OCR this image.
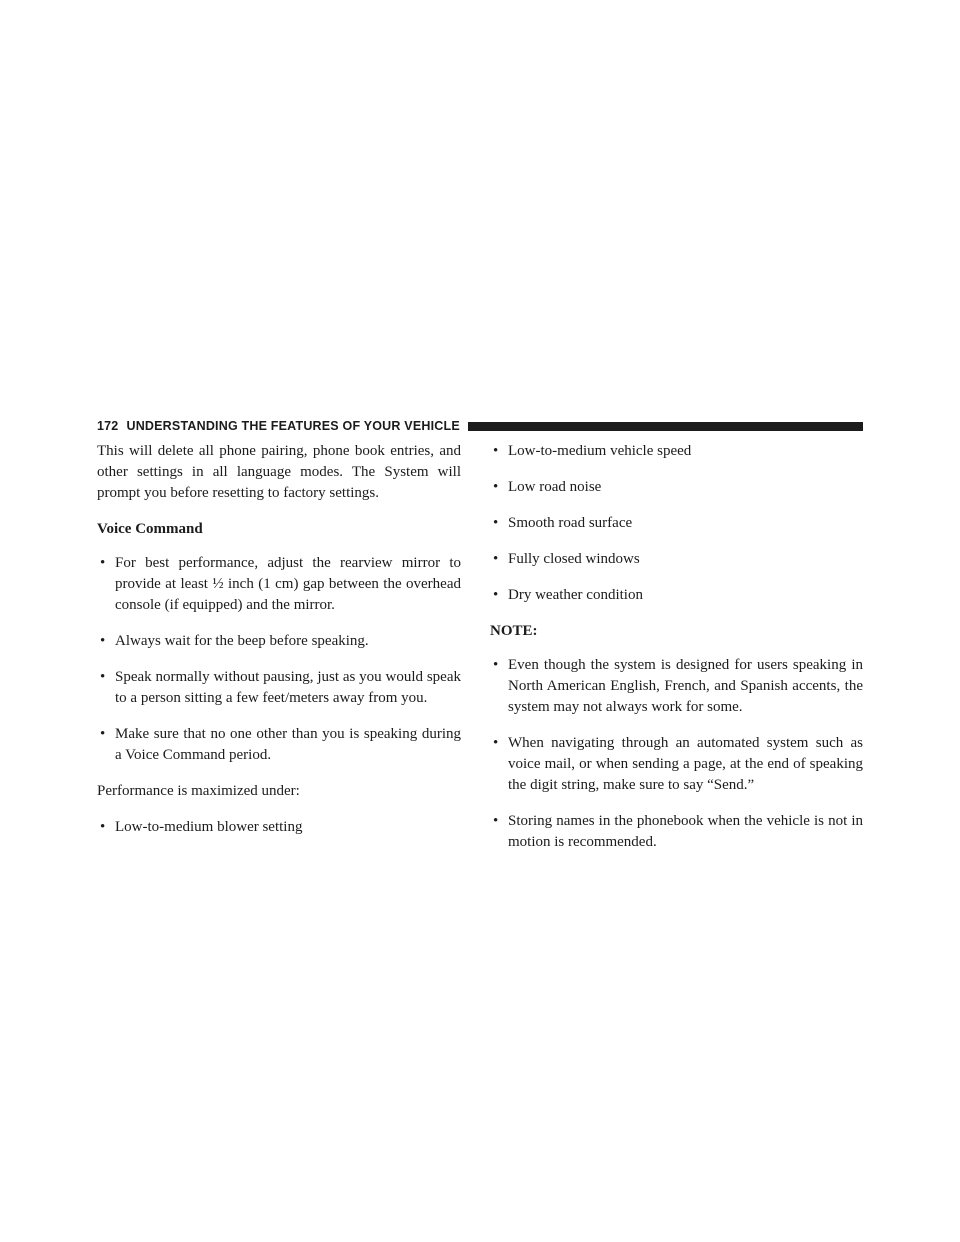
172 UNDERSTANDING THE FEATURES OF YOUR VEHICLE

This will delete all phone pairing, phone book entries, and other settings in all language modes. The System will prompt you before resetting to factory settings.

Voice Command
• For best performance, adjust the rearview mirror to provide at least ½ inch (1 cm) gap between the overhead console (if equipped) and the mirror.
• Always wait for the beep before speaking.
• Speak normally without pausing, just as you would speak to a person sitting a few feet/meters away from you.
• Make sure that no one other than you is speaking during a Voice Command period.

Performance is maximized under:

• Low-to-medium blower setting
• Low-to-medium vehicle speed
• Low road noise
• Smooth road surface
• Fully closed windows
• Dry weather condition
NOTE:
• Even though the system is designed for users speaking in North American English, French, and Spanish accents, the system may not always work for some.
• When navigating through an automated system such as voice mail, or when sending a page, at the end of speaking the digit string, make sure to say “Send.”
• Storing names in the phonebook when the vehicle is not in motion is recommended.
